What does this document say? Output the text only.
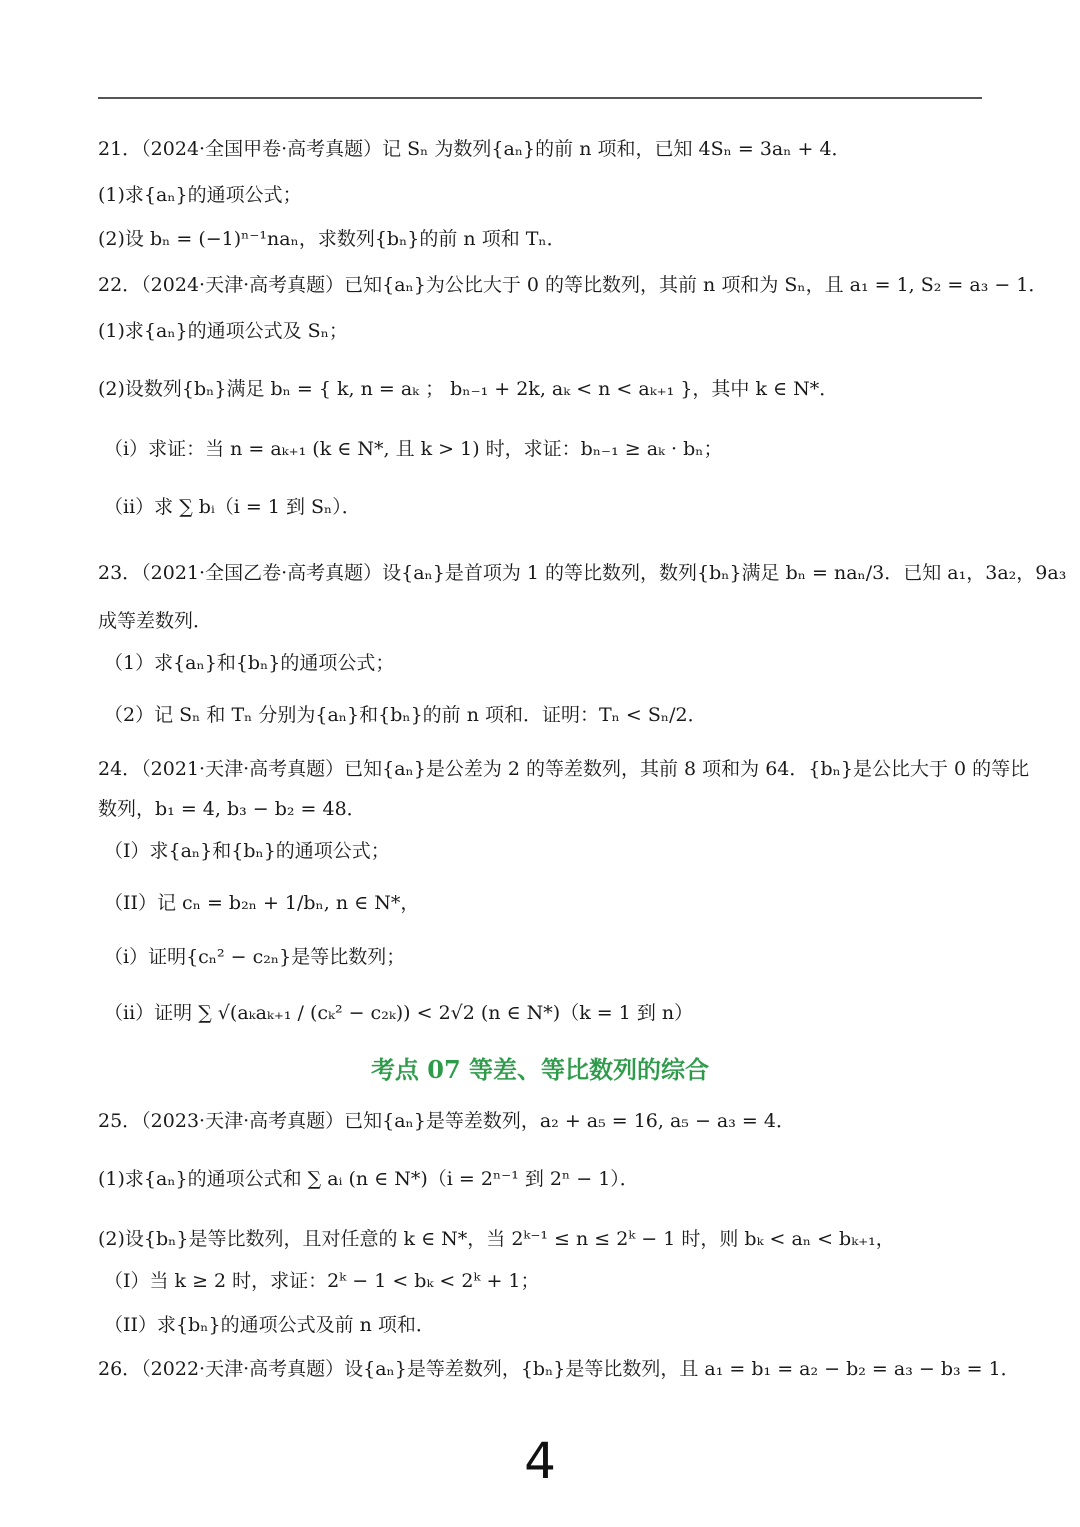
21．（2024·全国甲卷·高考真题）记 Sₙ 为数列{aₙ}的前 n 项和，已知 4Sₙ = 3aₙ + 4．
(1)求{aₙ}的通项公式；
(2)设 bₙ = (−1)ⁿ⁻¹naₙ，求数列{bₙ}的前 n 项和 Tₙ．
22．（2024·天津·高考真题）已知{aₙ}为公比大于 0 的等比数列，其前 n 项和为 Sₙ，且 a₁ = 1, S₂ = a₃ − 1．
(1)求{aₙ}的通项公式及 Sₙ；
(2)设数列{bₙ}满足 bₙ = { k, n = aₖ ； bₙ₋₁ + 2k, aₖ < n < aₖ₊₁ }，其中 k ∈ N*．
（i）求证：当 n = aₖ₊₁ (k ∈ N*, 且 k > 1) 时，求证：bₙ₋₁ ≥ aₖ · bₙ；
（ii）求 ∑ bᵢ（i = 1 到 Sₙ）．
23．（2021·全国乙卷·高考真题）设{aₙ}是首项为 1 的等比数列，数列{bₙ}满足 bₙ = naₙ/3．已知 a₁，3a₂，9a₃
成等差数列．
（1）求{aₙ}和{bₙ}的通项公式；
（2）记 Sₙ 和 Tₙ 分别为{aₙ}和{bₙ}的前 n 项和．证明：Tₙ < Sₙ/2．
24．（2021·天津·高考真题）已知{aₙ}是公差为 2 的等差数列，其前 8 项和为 64．{bₙ}是公比大于 0 的等比
数列，b₁ = 4, b₃ − b₂ = 48．
（I）求{aₙ}和{bₙ}的通项公式；
（II）记 cₙ = b₂ₙ + 1/bₙ, n ∈ N*，
（i）证明{cₙ² − c₂ₙ}是等比数列；
（ii）证明 ∑ √(aₖaₖ₊₁ / (cₖ² − c₂ₖ)) < 2√2 (n ∈ N*)（k = 1 到 n）
考点 07 等差、等比数列的综合
25．（2023·天津·高考真题）已知{aₙ}是等差数列，a₂ + a₅ = 16, a₅ − a₃ = 4．
(1)求{aₙ}的通项公式和 ∑ aᵢ (n ∈ N*)（i = 2ⁿ⁻¹ 到 2ⁿ − 1）．
(2)设{bₙ}是等比数列，且对任意的 k ∈ N*，当 2ᵏ⁻¹ ≤ n ≤ 2ᵏ − 1 时，则 bₖ < aₙ < bₖ₊₁，
（I）当 k ≥ 2 时，求证：2ᵏ − 1 < bₖ < 2ᵏ + 1；
（II）求{bₙ}的通项公式及前 n 项和．
26．（2022·天津·高考真题）设{aₙ}是等差数列，{bₙ}是等比数列，且 a₁ = b₁ = a₂ − b₂ = a₃ − b₃ = 1．
4
